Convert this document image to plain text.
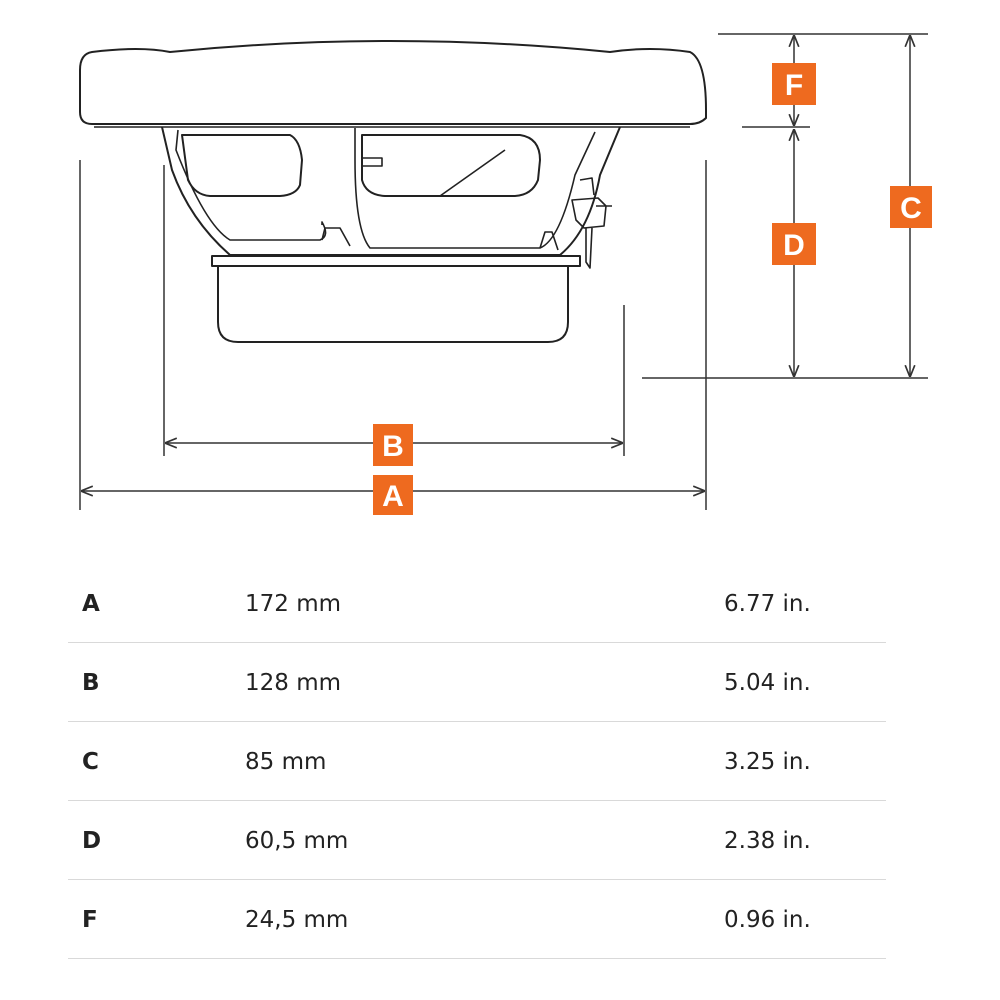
B
A
F
D
C
A	172 mm	6.77 in.
B	128 mm	5.04 in.
C	85 mm	3.25 in.
D	60,5 mm	2.38 in.
F	24,5 mm	0.96 in.
